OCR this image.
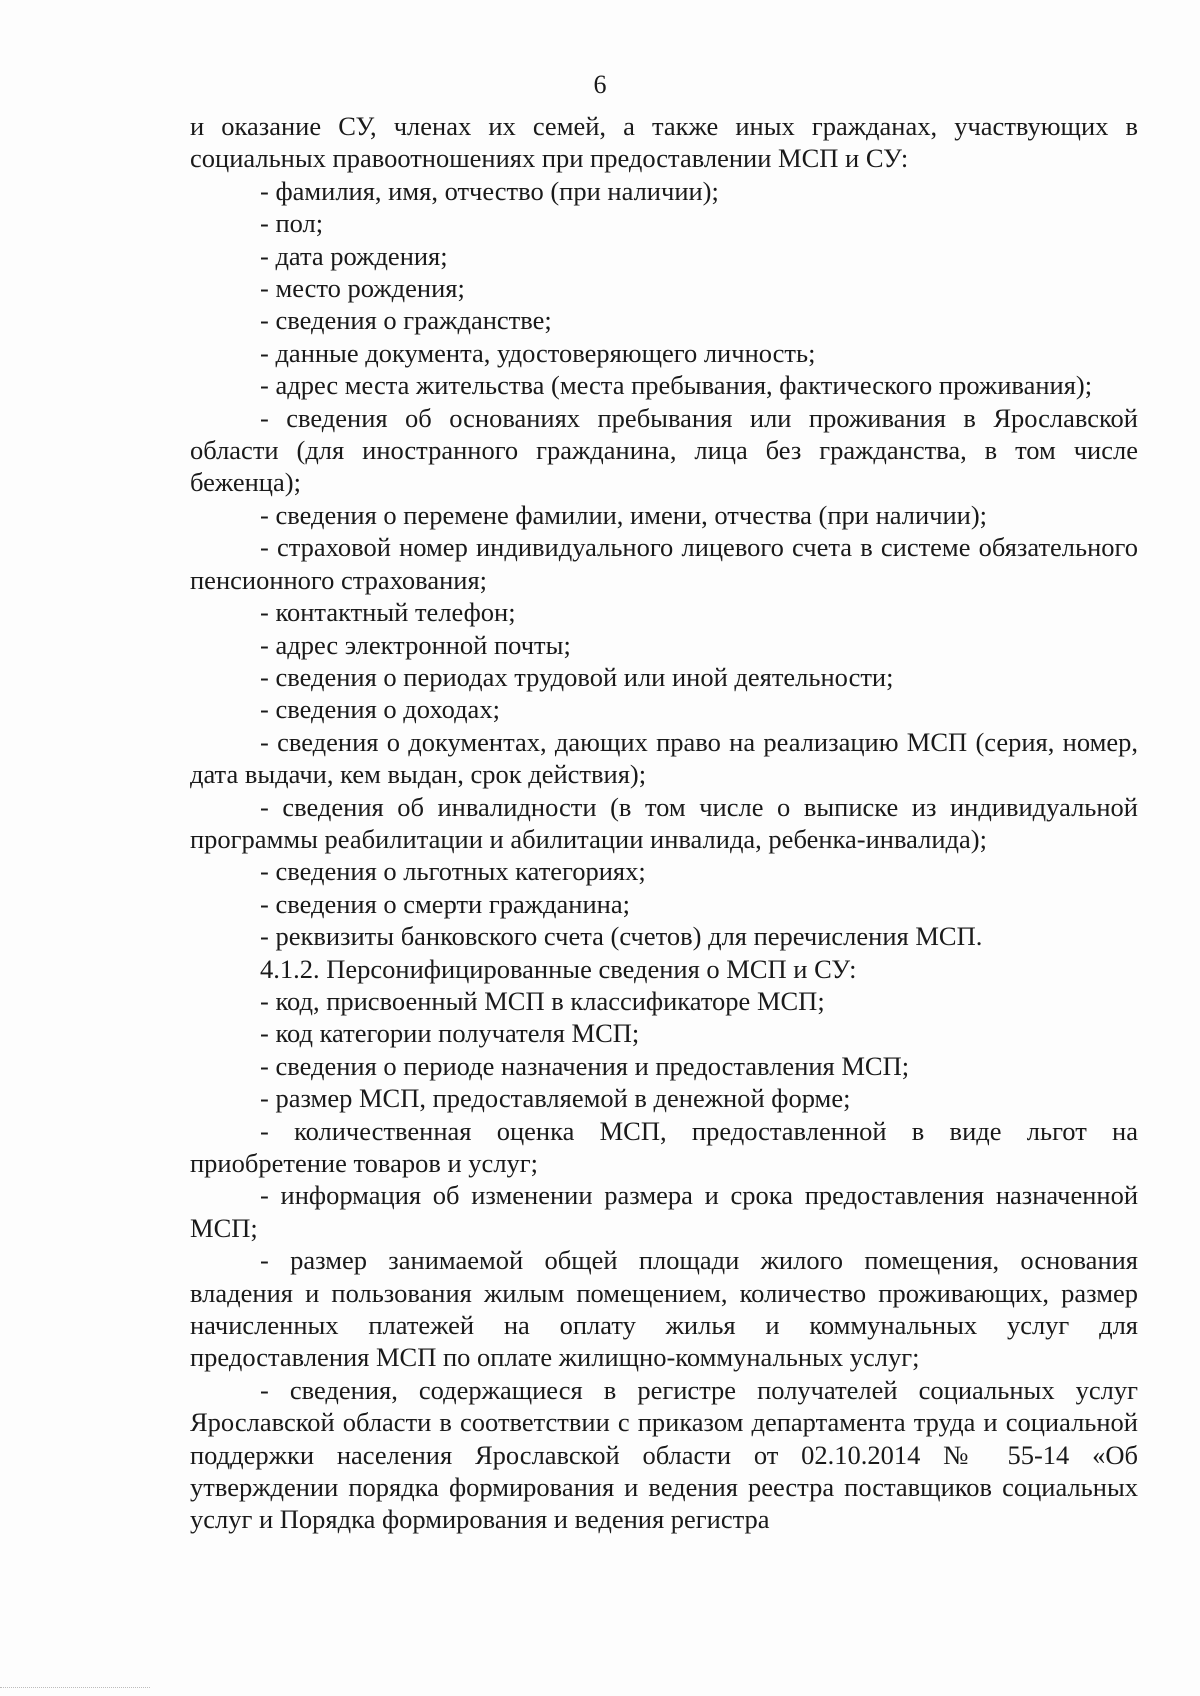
6

и оказание СУ, членах их семей, а также иных гражданах, участвующих в социальных правоотношениях при предоставлении МСП и СУ:

- фамилия, имя, отчество (при наличии);

- пол;

- дата рождения;

- место рождения;

- сведения о гражданстве;

- данные документа, удостоверяющего личность;

- адрес места жительства (места пребывания, фактического проживания);

- сведения об основаниях пребывания или проживания в Ярославской области (для иностранного гражданина, лица без гражданства, в том числе беженца);

- сведения о перемене фамилии, имени, отчества (при наличии);

- страховой номер индивидуального лицевого счета в системе обязательного пенсионного страхования;

- контактный телефон;

- адрес электронной почты;

- сведения о периодах трудовой или иной деятельности;

- сведения о доходах;

- сведения о документах, дающих право на реализацию МСП (серия, номер, дата выдачи, кем выдан, срок действия);

- сведения об инвалидности (в том числе о выписке из индивидуальной программы реабилитации и абилитации инвалида, ребенка-инвалида);

- сведения о льготных категориях;

- сведения о смерти гражданина;

- реквизиты банковского счета (счетов) для перечисления МСП.

4.1.2. Персонифицированные сведения о МСП и СУ:

- код, присвоенный МСП в классификаторе МСП;

- код категории получателя МСП;

- сведения о периоде назначения и предоставления МСП;

- размер МСП, предоставляемой в денежной форме;

- количественная оценка МСП, предоставленной в виде льгот на приобретение товаров и услуг;

- информация об изменении размера и срока предоставления назначенной МСП;

- размер занимаемой общей площади жилого помещения, основания владения и пользования жилым помещением, количество проживающих, размер начисленных платежей на оплату жилья и коммунальных услуг для предоставления МСП по оплате жилищно-коммунальных услуг;

- сведения, содержащиеся в регистре получателей социальных услуг Ярославской области в соответствии с приказом департамента труда и социальной поддержки населения Ярославской области от 02.10.2014 № 55-14 «Об утверждении порядка формирования и ведения реестра поставщиков социальных услуг и Порядка формирования и ведения регистра
